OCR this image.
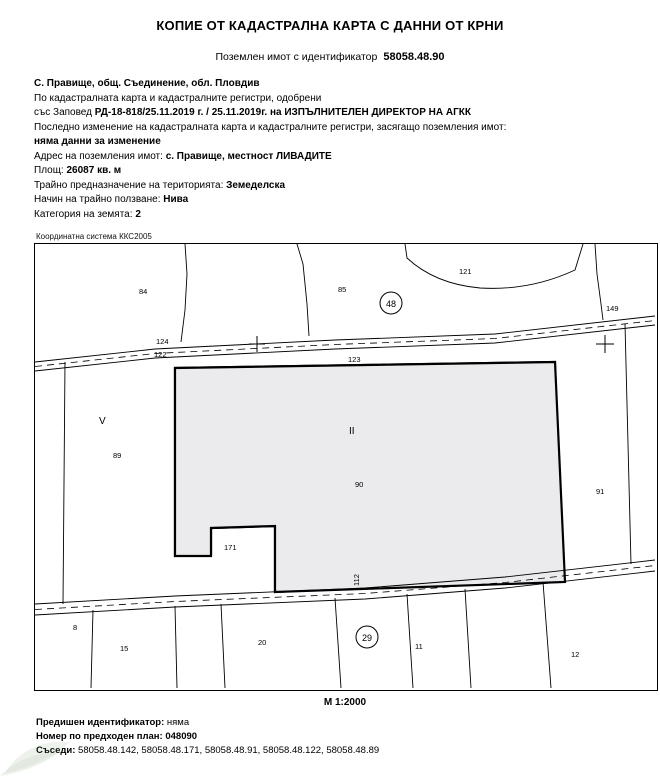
КОПИЕ ОТ КАДАСТРАЛНА КАРТА С ДАННИ ОТ КРНИ
Поземлен имот с идентификатор 58058.48.90
С. Правище, общ. Съединение, обл. Пловдив
По кадастралната карта и кадастралните регистри, одобрени
със Заповед РД-18-818/25.11.2019 г. / 25.11.2019г. на ИЗПЪЛНИТЕЛЕН ДИРЕКТОР НА АГКК
Последно изменение на кадастралната карта и кадастралните регистри, засягащо поземления имот:
няма данни за изменение
Адрес на поземления имот: с. Правище, местност ЛИВАДИТЕ
Площ: 26087 кв. м
Трайно предназначение на територията: Земеделска
Начин на трайно ползване: Нива
Категория на земята: 2
Координатна система ККС2005
48
29
121
84	85
149
124
122
123
89
91
171
8
15
20	11
12
90
112
V
II
М 1:2000
Предишен идентификатор: няма
Номер по предходен план: 048090
Съседи: 58058.48.142, 58058.48.171, 58058.48.91, 58058.48.122, 58058.48.89
